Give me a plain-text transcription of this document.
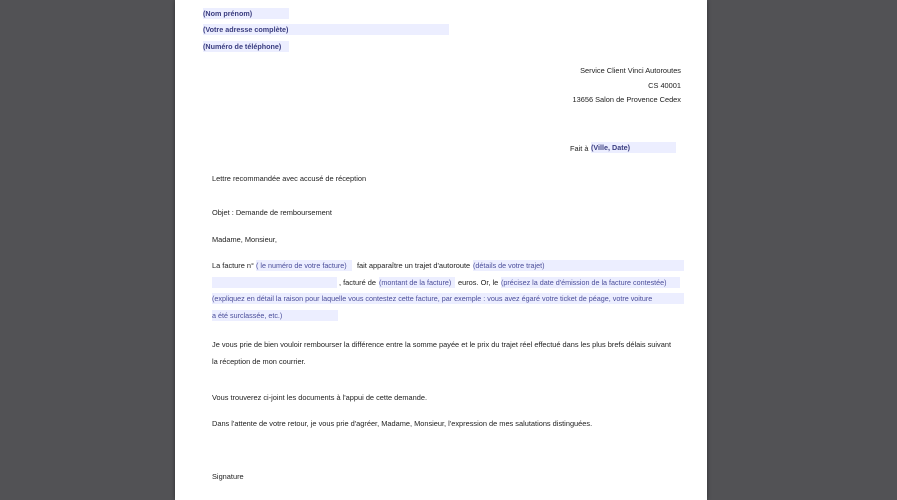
(Nom prénom)
(Votre adresse complète)
(Numéro de téléphone)
Service Client Vinci Autoroutes
CS 40001
13656 Salon de Provence Cedex
Fait à (Ville, Date)
Lettre recommandée avec accusé de réception
Objet : Demande de remboursement
Madame, Monsieur,
La facture n° ( le numéro de votre facture)	fait apparaître un trajet d'autoroute (détails de votre trajet)
, facturé de (montant de la facture) euros. Or, le (précisez la date d'émission de la facture contestée)
(expliquez en détail la raison pour laquelle vous contestez cette facture, par exemple : vous avez égaré votre ticket de péage, votre voiture
a été surclassée, etc.)
Je vous prie de bien vouloir rembourser la différence entre la somme payée et le prix du trajet réel effectué dans les plus brefs délais suivant
la réception de mon courrier.
Vous trouverez ci-joint les documents à l'appui de cette demande.
Dans l'attente de votre retour, je vous prie d'agréer, Madame, Monsieur, l'expression de mes salutations distinguées.
Signature
